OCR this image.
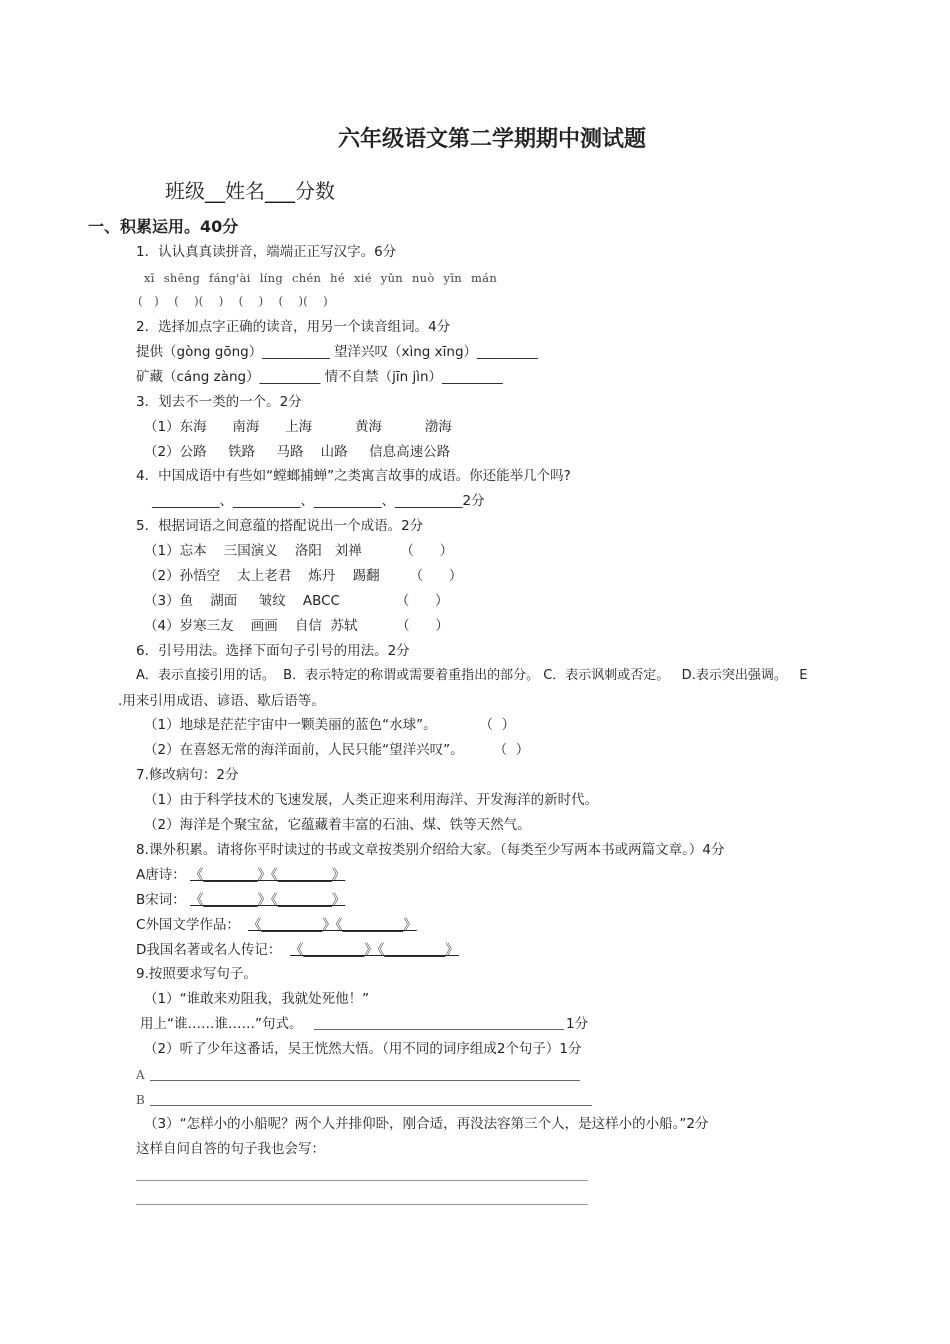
六年级语文第二学期期中测试题
班级__姓名___分数
一、积累运用。40分
1．认认真真读拼音，端端正正写汉字。6分
xī shēng fáng'ài líng chén hé xié yǔn nuò yīn mán
(   )    (    )(    )    (    )    (    )(    )
2．选择加点字正确的读音，用另一个读音组词。4分
提供（gòng gōng）__________ 望洋兴叹（xìng xīng）_________
矿藏（cáng zàng）_________ 情不自禁（jīn jìn）_________
3．划去不一类的一个。2分
（1）东海      南海      上海          黄海          渤海
（2）公路     铁路     马路    山路     信息高速公路
4．中国成语中有些如“螳螂捕蝉”之类寓言故事的成语。你还能举几个吗?
__________、__________、__________、__________2分
5．根据词语之间意蕴的搭配说出一个成语。2分
（1）忘本    三国演义    洛阳   刘禅         （      ）
（2）孙悟空    太上老君    炼丹    踢翻       （      ）
（3）鱼    湖面     皱纹    ABCC             （      ）
（4）岁寒三友    画画    自信  苏轼         （      ）
6．引号用法。选择下面句子引号的用法。2分
A．表示直接引用的话。  B．表示特定的称谓或需要着重指出的部分。 C．表示讽刺或否定。   D.表示突出强调。   E
.用来引用成语、谚语、歇后语等。
（1）地球是茫茫宇宙中一颗美丽的蓝色“水球”。          （  ）
（2）在喜怒无常的海洋面前，人民只能“望洋兴叹”。       （  ）
7.修改病句：2分
（1）由于科学技术的飞速发展，人类正迎来利用海洋、开发海洋的新时代。
（2）海洋是个聚宝盆，它蕴藏着丰富的石油、煤、铁等天然气。
8.课外积累。请将你平时读过的书或文章按类别介绍给大家。（每类至少写两本书或两篇文章。）4分
A唐诗： 《________》《________》
B宋词： 《________》《________》
C外国文学作品： 《_________》《_________》
D我国名著或名人传记： 《_________》《_________》
9.按照要求写句子。
（1）“谁敢来劝阻我，我就处死他！”
用上“谁……谁……”句式。	1分
（2）听了少年这番话，吴王恍然大悟。（用不同的词序组成2个句子）1分
A
B
（3）“怎样小的小船呢？两个人并排仰卧，刚合适，再没法容第三个人，是这样小的小船。”2分
这样自问自答的句子我也会写：
